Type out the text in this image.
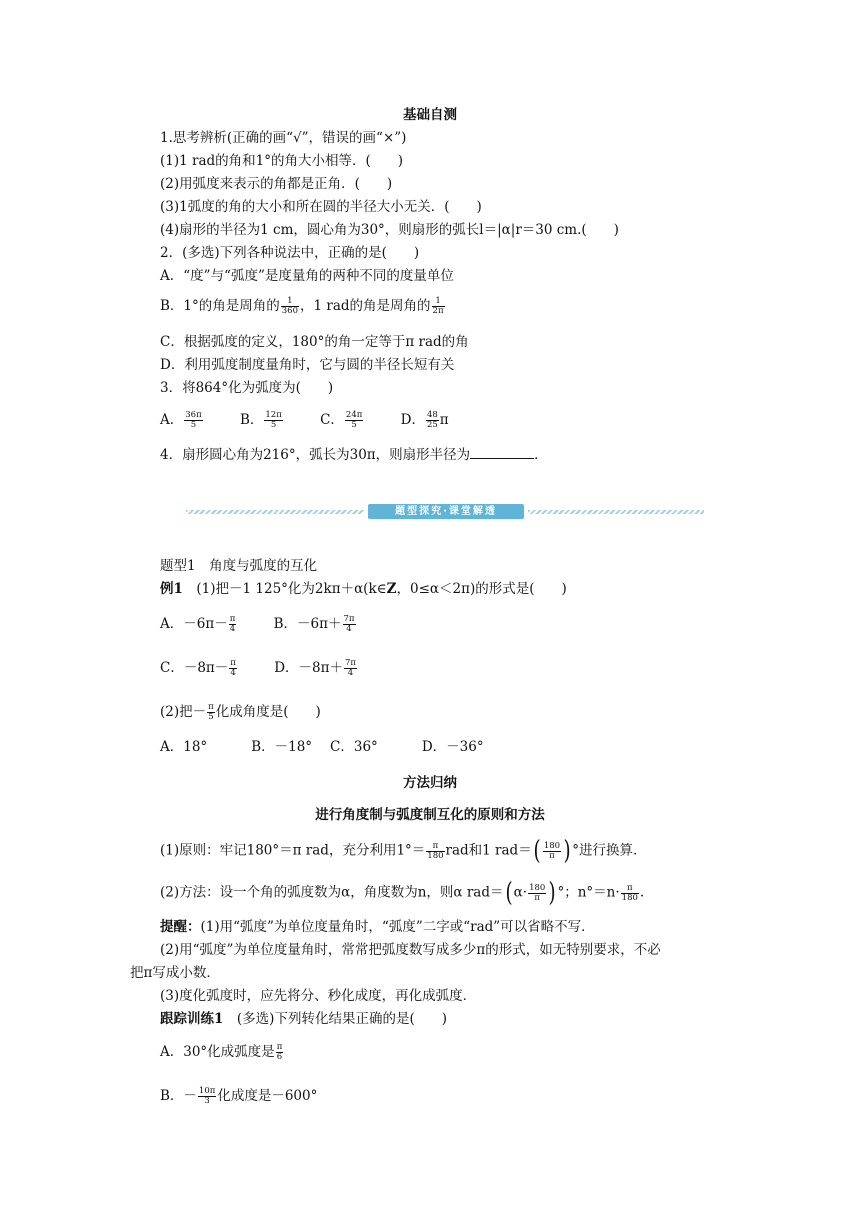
基础自测
1.思考辨析(正确的画“√”，错误的画“×”)
(1)1 rad的角和1°的角大小相等．(　　)
(2)用弧度来表示的角都是正角．(　　)
(3)1弧度的角的大小和所在圆的半径大小无关．(　　)
(4)扇形的半径为1 cm，圆心角为30°，则扇形的弧长l＝|α|r＝30 cm.(　　)
2．(多选)下列各种说法中，正确的是(　　)
A．“度”与“弧度”是度量角的两种不同的度量单位
B．1°的角是周角的 $\frac{1}{360}$ ，1 rad的角是周角的 $\frac{1}{2\pi}$
C．根据弧度的定义，180°的角一定等于π rad的角
D．利用弧度制度量角时，它与圆的半径长短有关
3．将864°化为弧度为(　　)
A． $\frac{36\pi}{5}$	B． $\frac{12\pi}{5}$	C． $\frac{24\pi}{5}$	D． $\frac{48}{25}$ π
4．扇形圆心角为216°，弧长为30π，则扇形半径为	．
题型探究·课堂解透
题型1　角度与弧度的互化
例1　 (1)把－1 125°化为2kπ＋α(k∈Z，0≤α＜2π)的形式是(　　)
A．$-6\pi- \frac{\pi}{4}$	B．$-6\pi+ \frac{7\pi}{4}$
C．$-8\pi- \frac{\pi}{4}$	D．$-8\pi+ \frac{7\pi}{4}$
(2)把－ $\frac{\pi}{5}$ 化成角度是(　　)
A．18°	B．－18° C．36°	D．－36°
方法归纳
进行角度制与弧度制互化的原则和方法
(1)原则：牢记180°＝π rad，充分利用$1^\circ= \frac{\pi}{180}$ rad和1 $rad=( \frac{180}{\pi}$ ) °进行换算．
(2)方法：设一个角的弧度数为α，角度数为n，则α rad＝( $\alpha\cdot \frac{180}{\pi}$ ) °；$n^\circ=n\cdot \frac{\pi}{180}$ .
提醒：(1)用“弧度”为单位度量角时，“弧度”二字或“rad”可以省略不写．
(2)用“弧度”为单位度量角时，常常把弧度数写成多少π的形式，如无特别要求，不必
把π写成小数．
(3)度化弧度时，应先将分、秒化成度，再化成弧度．
跟踪训练1　 (多选)下列转化结果正确的是(　　)
A．30°化成弧度是 $\frac{\pi}{6}$
B．－ $\frac{10\pi}{3}$ 化成度是－600°
